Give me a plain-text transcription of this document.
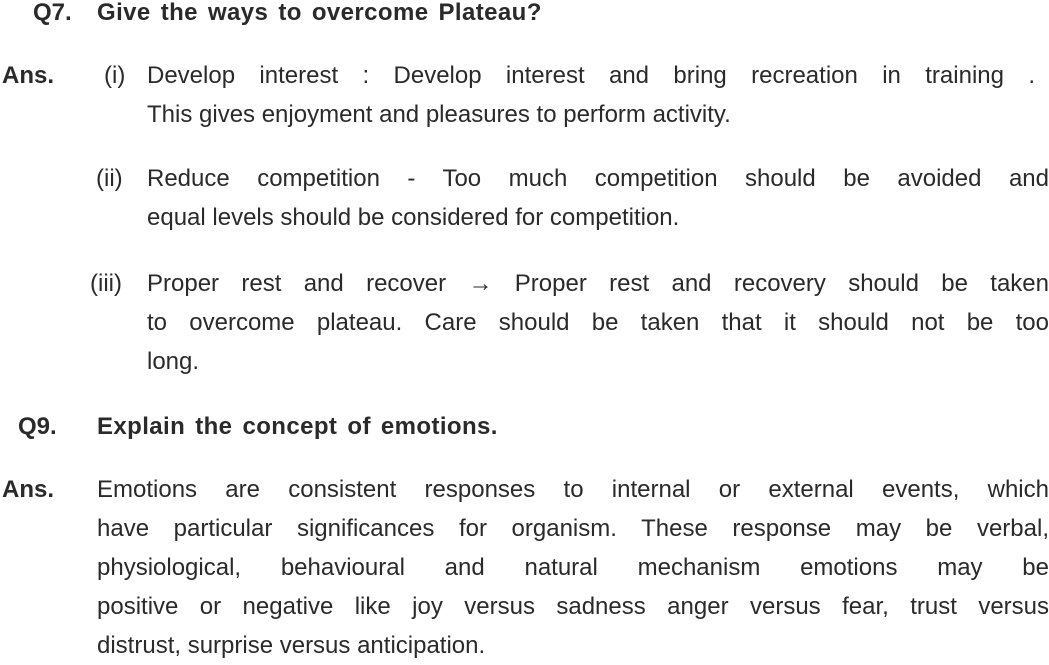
Q7. Give the ways to overcome Plateau?
Ans. (i) Develop interest : Develop interest and bring recreation in training .
This gives enjoyment and pleasures to perform activity.
(ii) Reduce competition - Too much competition should be avoided and
equal levels should be considered for competition.
(iii) Proper rest and recover → Proper rest and recovery should be taken
to overcome plateau. Care should be taken that it should not be too
long.
Q9. Explain the concept of emotions.
Ans. Emotions are consistent responses to internal or external events, which
have particular significances for organism. These response may be verbal,
physiological, behavioural and natural mechanism emotions may be
positive or negative like joy versus sadness anger versus fear, trust versus
distrust, surprise versus anticipation.
